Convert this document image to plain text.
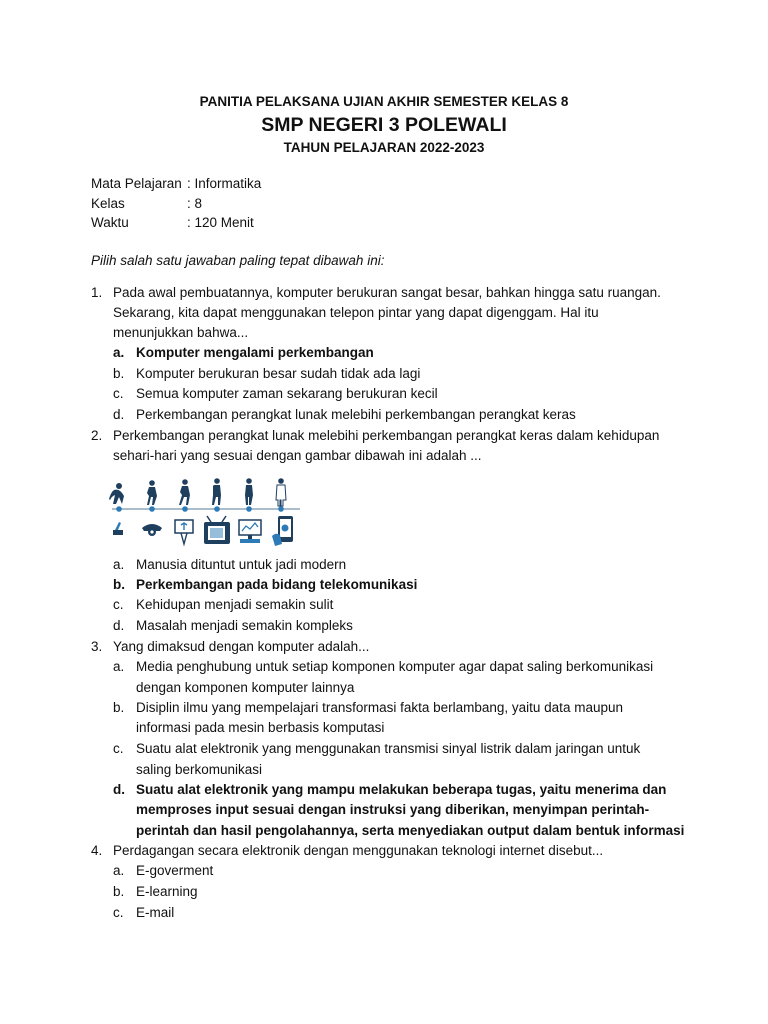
PANITIA PELAKSANA UJIAN AKHIR SEMESTER KELAS 8
SMP NEGERI 3 POLEWALI
TAHUN PELAJARAN 2022-2023
Mata Pelajaran : Informatika
Kelas	: 8
Waktu	: 120 Menit
Pilih salah satu jawaban paling tepat dibawah ini:
1. Pada awal pembuatannya, komputer berukuran sangat besar, bahkan hingga satu ruangan.
Sekarang, kita dapat menggunakan telepon pintar yang dapat digenggam. Hal itu
menunjukkan bahwa...
a. Komputer mengalami perkembangan
b. Komputer berukuran besar sudah tidak ada lagi
c. Semua komputer zaman sekarang berukuran kecil
d. Perkembangan perangkat lunak melebihi perkembangan perangkat keras
2. Perkembangan perangkat lunak melebihi perkembangan perangkat keras dalam kehidupan
sehari-hari yang sesuai dengan gambar dibawah ini adalah ...
a. Manusia dituntut untuk jadi modern
b. Perkembangan pada bidang telekomunikasi
c. Kehidupan menjadi semakin sulit
d. Masalah menjadi semakin kompleks
3. Yang dimaksud dengan komputer adalah...
a. Media penghubung untuk setiap komponen komputer agar dapat saling berkomunikasi
dengan komponen komputer lainnya
b. Disiplin ilmu yang mempelajari transformasi fakta berlambang, yaitu data maupun
informasi pada mesin berbasis komputasi
c. Suatu alat elektronik yang menggunakan transmisi sinyal listrik dalam jaringan untuk
saling berkomunikasi
d. Suatu alat elektronik yang mampu melakukan beberapa tugas, yaitu menerima dan
memproses input sesuai dengan instruksi yang diberikan, menyimpan perintah-
perintah dan hasil pengolahannya, serta menyediakan output dalam bentuk informasi
4. Perdagangan secara elektronik dengan menggunakan teknologi internet disebut...
a. E-goverment
b. E-learning
c. E-mail
